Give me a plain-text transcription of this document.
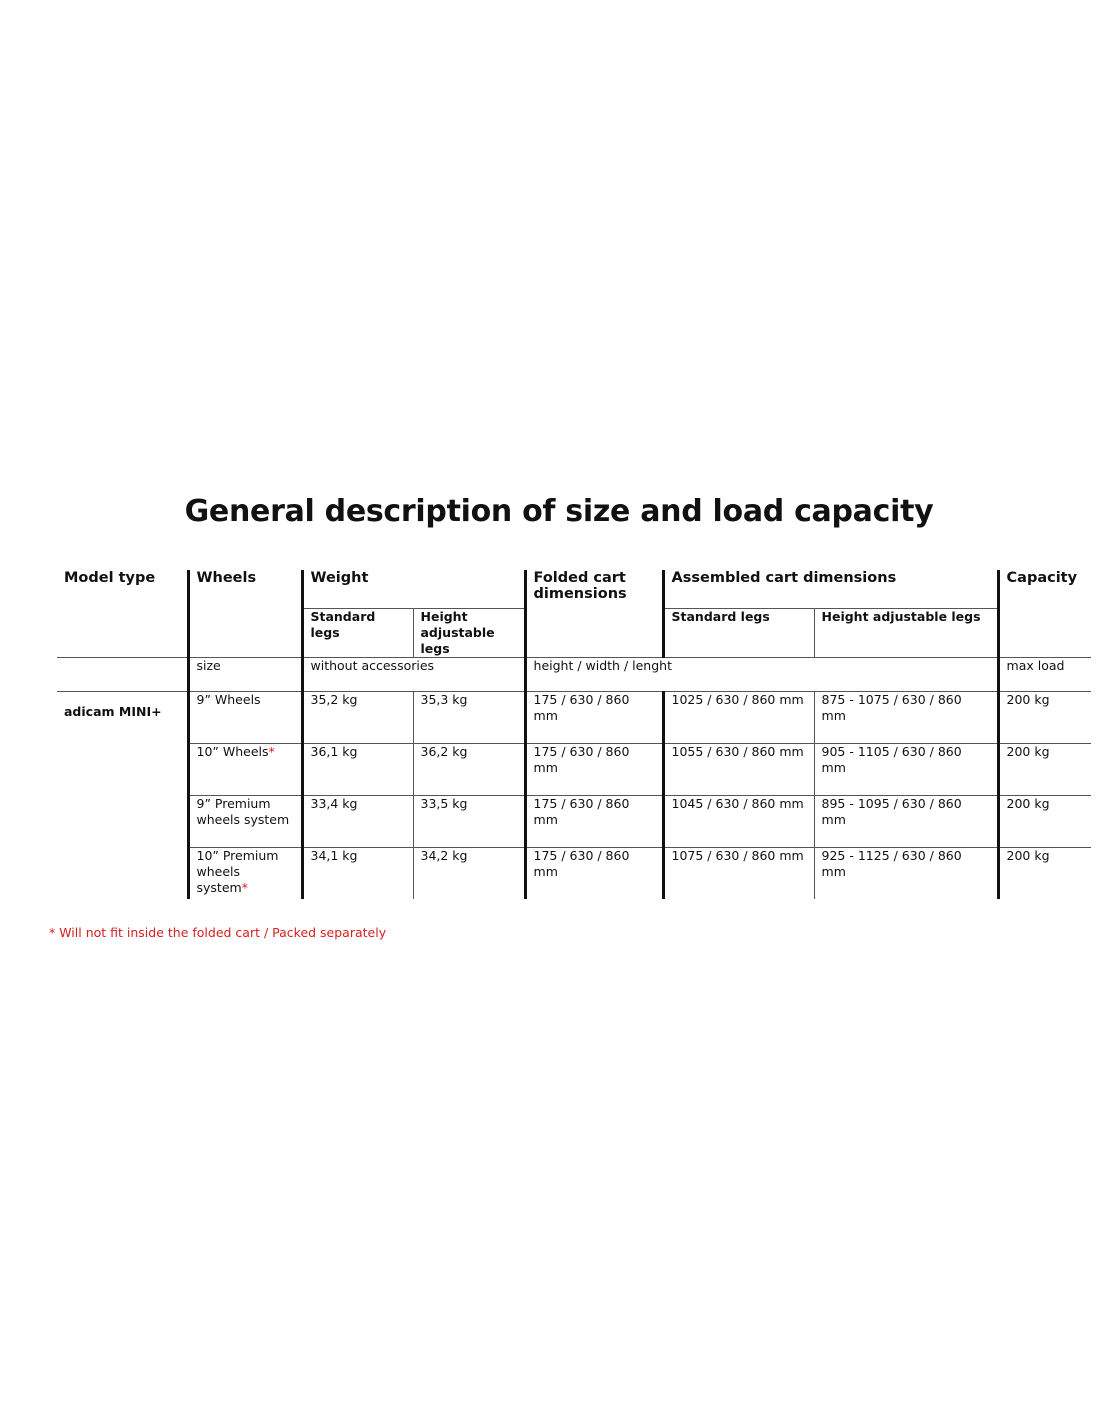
General description of size and load capacity
Model type	Wheels	Weight		Folded cart dimensions	Assembled cart dimensions		Capacity
		Standard legs	Height adjustable legs		Standard legs	Height adjustable legs	
	size	without accessories		height / width / lenght			max load
adicam MINI+	9” Wheels	35,2 kg	35,3 kg	175 / 630 / 860 mm	1025 / 630 / 860 mm	875 - 1075 / 630 / 860 mm	200 kg
	10” Wheels*	36,1 kg	36,2 kg	175 / 630 / 860 mm	1055 / 630 / 860 mm	905 - 1105 / 630 / 860 mm	200 kg
	9” Premium wheels system	33,4 kg	33,5 kg	175 / 630 / 860 mm	1045 / 630 / 860 mm	895 - 1095 / 630 / 860 mm	200 kg
	10” Premium wheels system*	34,1 kg	34,2 kg	175 / 630 / 860 mm	1075 / 630 / 860 mm	925 - 1125 / 630 / 860 mm	200 kg
* Will not fit inside the folded cart / Packed separately
